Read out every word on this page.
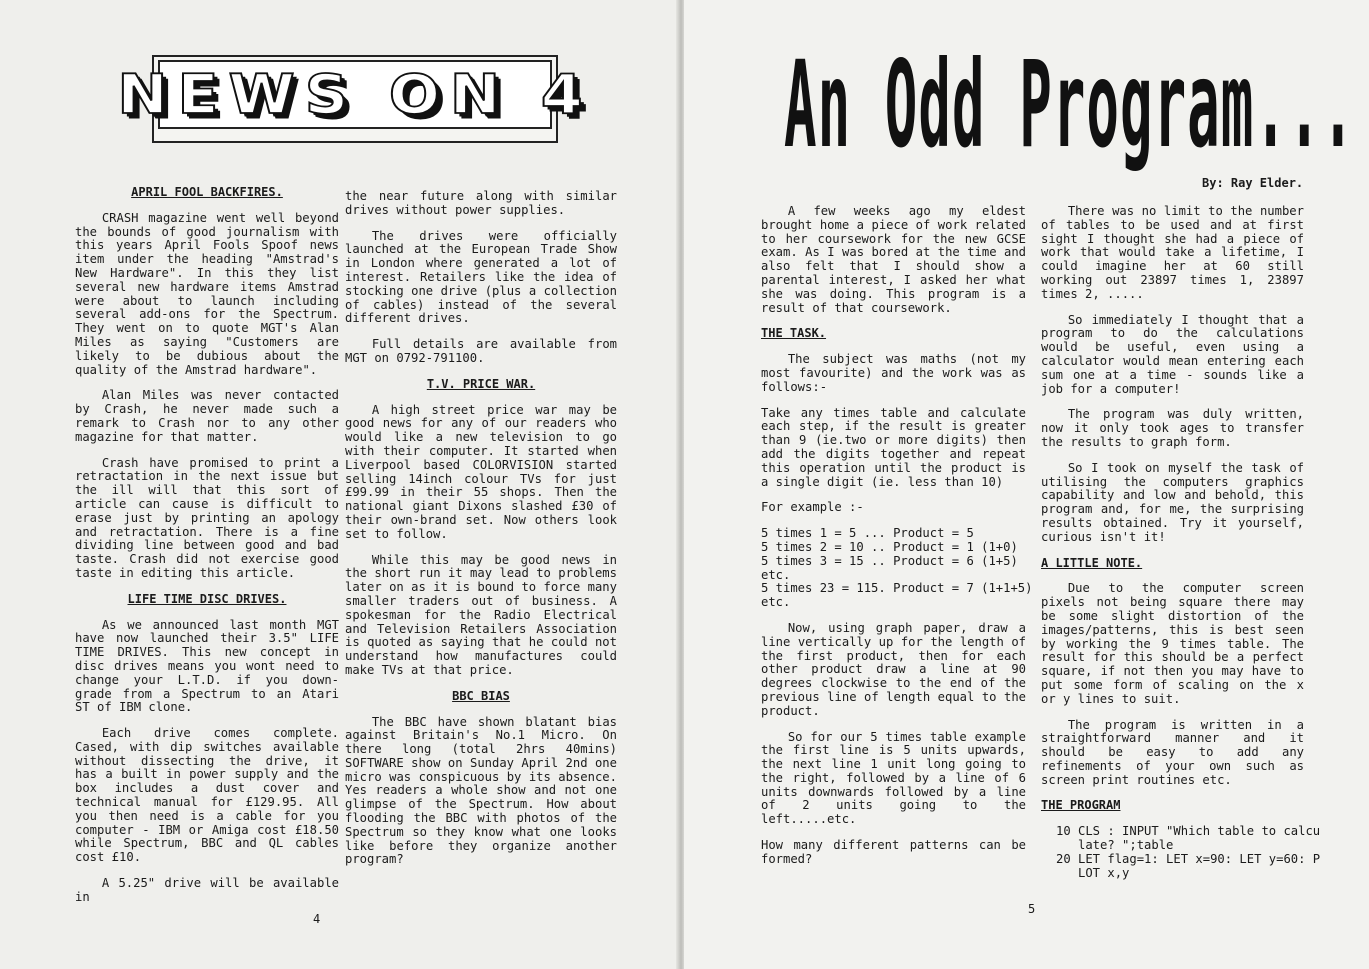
NEWS ON 4
APRIL FOOL BACKFIRES.

CRASH magazine went well beyond the bounds of good journalism with this years April Fools Spoof news item under the heading "Amstrad's New Hardware". In this they list several new hardware items Amstrad were about to launch including several add-ons for the Spectrum. They went on to quote MGT's Alan Miles as saying "Customers are likely to be dubious about the quality of the Amstrad hardware".

Alan Miles was never contacted by Crash, he never made such a remark to Crash nor to any other magazine for that matter.

Crash have promised to print a retractation in the next issue but the ill will that this sort of article can cause is difficult to erase just by printing an apology and retractation. There is a fine dividing line between good and bad taste. Crash did not exercise good taste in editing this article.

LIFE TIME DISC DRIVES.

As we announced last month MGT have now launched their 3.5" LIFE TIME DRIVES. This new concept in disc drives means you wont need to change your L.T.D. if you down-grade from a Spectrum to an Atari ST of IBM clone.

Each drive comes complete. Cased, with dip switches available without dissecting the drive, it has a built in power supply and the box includes a dust cover and technical manual for £129.95. All you then need is a cable for you computer - IBM or Amiga cost £18.50 while Spectrum, BBC and QL cables cost £10.

A 5.25" drive will be available in

the near future along with similar drives without power supplies.

The drives were officially launched at the European Trade Show in London where generated a lot of interest. Retailers like the idea of stocking one drive (plus a collection of cables) instead of the several different drives.

Full details are available from MGT on 0792-791100.

T.V. PRICE WAR.

A high street price war may be good news for any of our readers who would like a new television to go with their computer. It started when Liverpool based COLORVISION started selling 14inch colour TVs for just £99.99 in their 55 shops. Then the national giant Dixons slashed £30 of their own-brand set. Now others look set to follow.

While this may be good news in the short run it may lead to problems later on as it is bound to force many smaller traders out of business. A spokesman for the Radio Electrical and Television Retailers Association is quoted as saying that he could not understand how manufactures could make TVs at that price.

BBC BIAS

The BBC have shown blatant bias against Britain's No.1 Micro. On there long (total 2hrs 40mins) SOFTWARE show on Sunday April 2nd one micro was conspicuous by its absence. Yes readers a whole show and not one glimpse of the Spectrum. How about flooding the BBC with photos of the Spectrum so they know what one looks like before they organize another program?

4
An Odd Program...
By: Ray Elder.

A few weeks ago my eldest brought home a piece of work related to her coursework for the new GCSE exam. As I was bored at the time and also felt that I should show a parental interest, I asked her what she was doing. This program is a result of that coursework.

THE TASK.

The subject was maths (not my most favourite) and the work was as follows:-

Take any times table and calculate each step, if the result is greater than 9 (ie.two or more digits) then add the digits together and repeat this operation until the product is a single digit (ie. less than 10)

For example :-

5 times 1 = 5 ... Product = 5
5 times 2 = 10 .. Product = 1 (1+0)
5 times 3 = 15 .. Product = 6 (1+5)
etc.
5 times 23 = 115. Product = 7 (1+1+5)
etc.

Now, using graph paper, draw a line vertically up for the length of the first product, then for each other product draw a line at 90 degrees clockwise to the end of the previous line of length equal to the product.

So for our 5 times table example the first line is 5 units upwards, the next line 1 unit long going to the right, followed by a line of 6 units downwards followed by a line of 2 units going to the left.....etc.

How many different patterns can be formed?

There was no limit to the number of tables to be used and at first sight I thought she had a piece of work that would take a lifetime, I could imagine her at 60 still working out 23897 times 1, 23897 times 2, .....

So immediately I thought that a program to do the calculations would be useful, even using a calculator would mean entering each sum one at a time - sounds like a job for a computer!

The program was duly written, now it only took ages to transfer the results to graph form.

So I took on myself the task of utilising the computers graphics capability and low and behold, this program and, for me, the surprising results obtained. Try it yourself, curious isn't it!

A LITTLE NOTE.

Due to the computer screen pixels not being square there may be some slight distortion of the images/patterns, this is best seen by working the 9 times table. The result for this should be a perfect square, if not then you may have to put some form of scaling on the x or y lines to suit.

The program is written in a straightforward manner and it should be easy to add any refinements of your own such as screen print routines etc.

THE PROGRAM
10 CLS : INPUT "Which table to calcu
late? ";table
20 LET flag=1: LET x=90: LET y=60: P
LOT x,y
5
